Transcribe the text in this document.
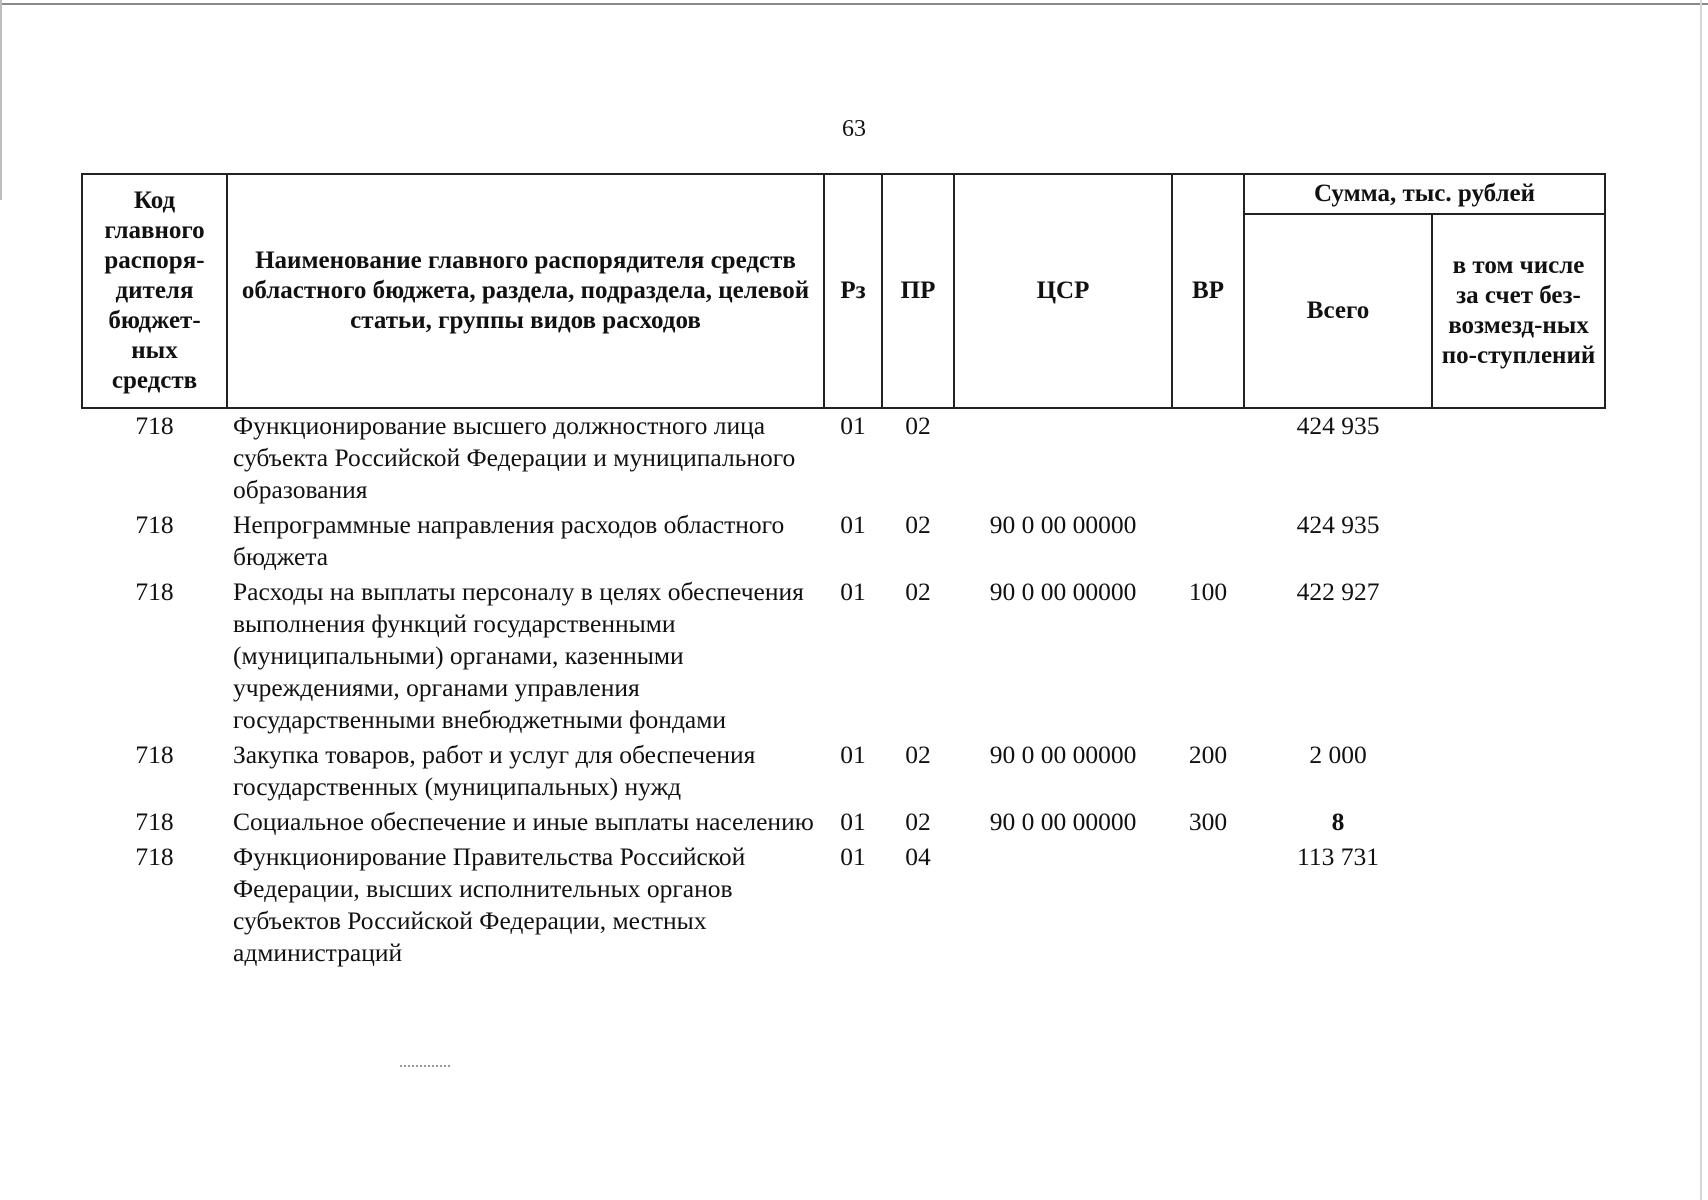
63
Код главного распоря-дителя бюджет-ных средств	Наименование главного распорядителя средств областного бюджета, раздела, подраздела, целевой статьи, группы видов расходов	Рз	ПР	ЦСР	ВР	Сумма, тыс. рублей	
						Всего	в том числе за счет без-возмезд-ных по-ступлений
718	Функционирование высшего должностного лица субъекта Российской Федерации и муниципального образования	01	02			424 935	
718	Непрограммные направления расходов областного бюджета	01	02	90 0 00 00000		424 935	
718	Расходы на выплаты персоналу в целях обеспечения выполнения функций государственными (муниципальными) органами, казенными учреждениями, органами управления государственными внебюджетными фондами	01	02	90 0 00 00000	100	422 927	
718	Закупка товаров, работ и услуг для обеспечения государственных (муниципальных) нужд	01	02	90 0 00 00000	200	2 000	
718	Социальное обеспечение и иные выплаты населению	01	02	90 0 00 00000	300	8	
718	Функционирование Правительства Российской Федерации, высших исполнительных органов субъектов Российской Федерации, местных администраций	01	04			113 731	
